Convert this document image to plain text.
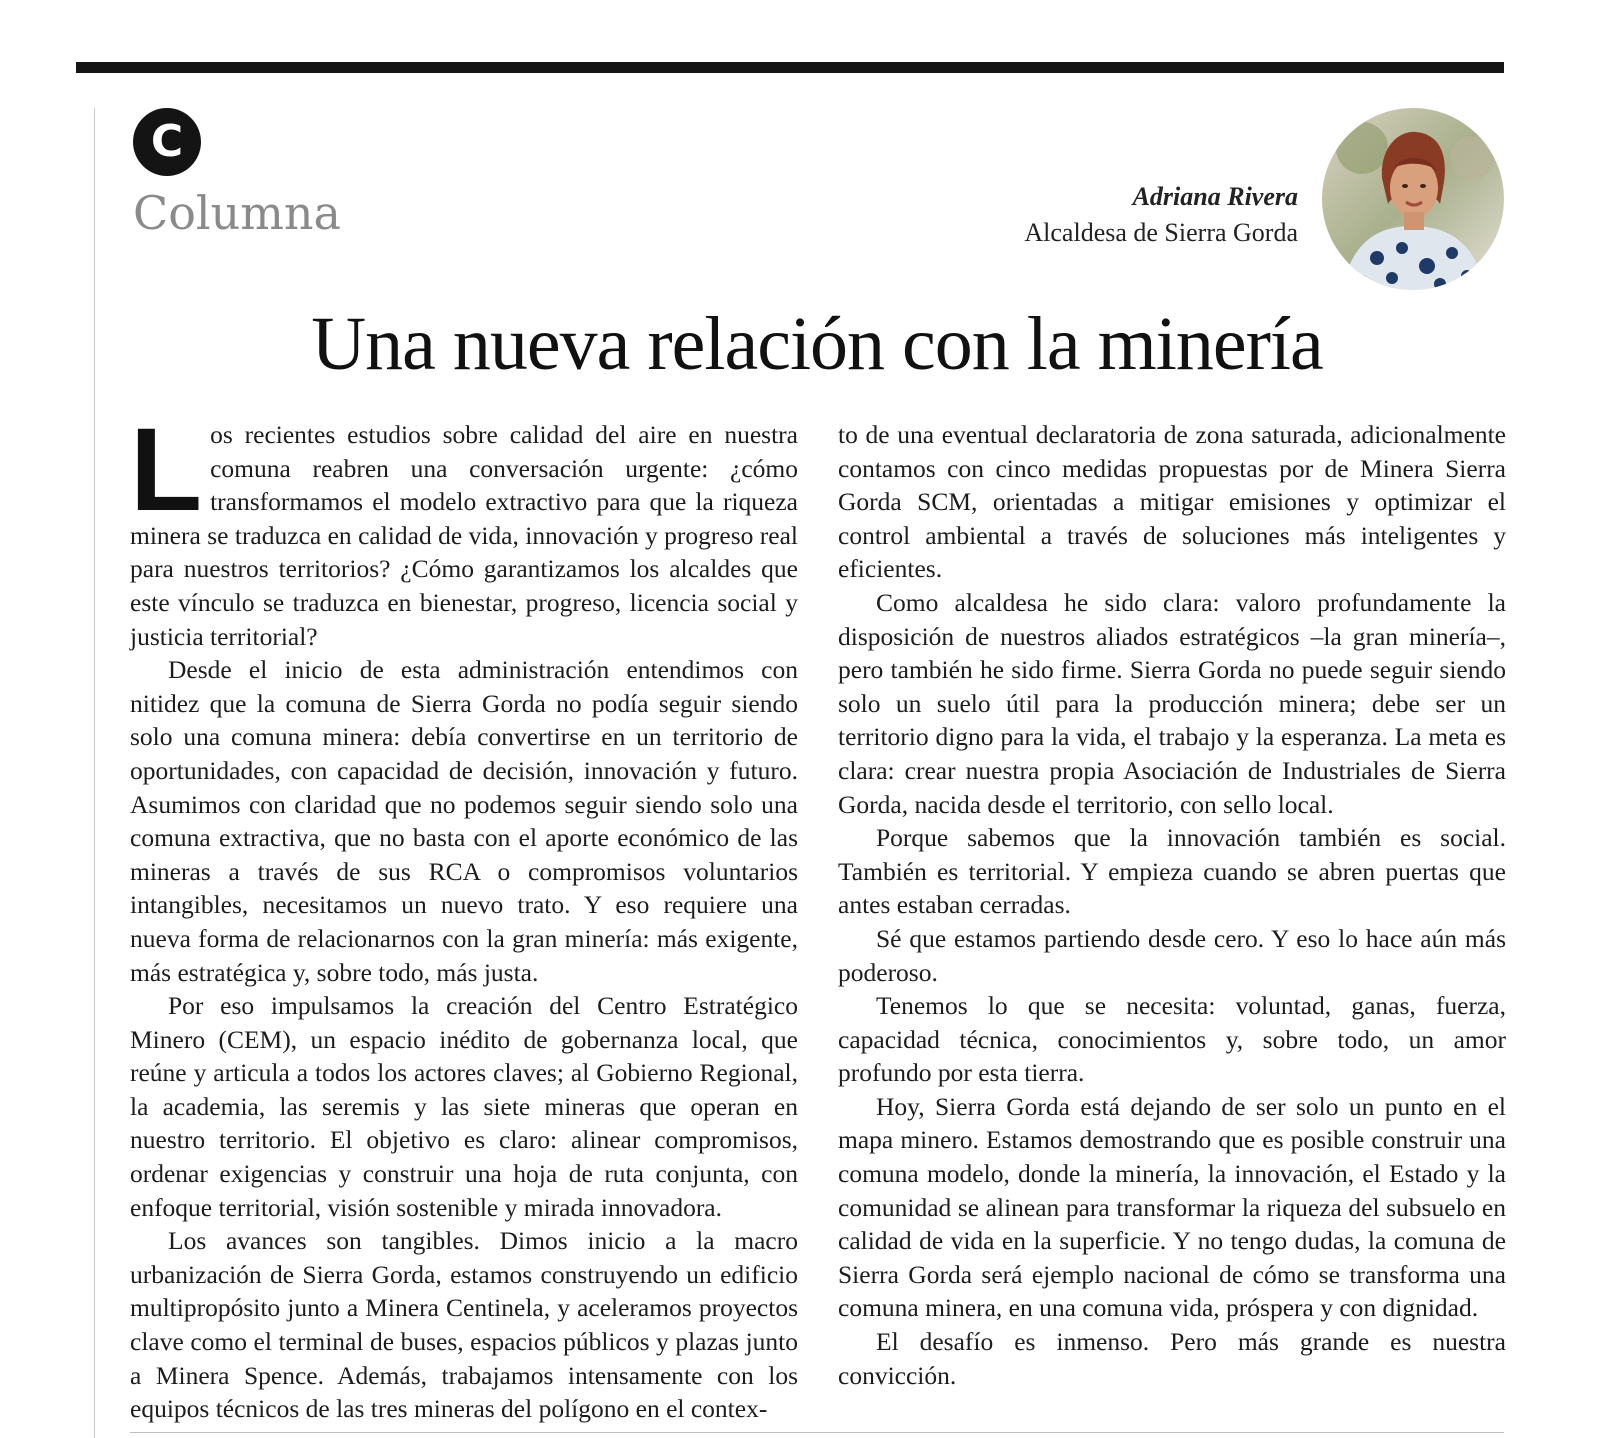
C
Columna	Adriana Rivera
Alcaldesa de Sierra Gorda
Una nueva relación con la minería

Los recientes estudios sobre calidad del aire en nuestra comuna reabren una conversación urgente: ¿cómo transformamos el modelo extractivo para que la riqueza minera se traduzca en calidad de vida, innovación y progreso real para nuestros territorios? ¿Cómo garantizamos los alcaldes que este vínculo se traduzca en bienestar, progreso, licencia social y justicia territorial?

Desde el inicio de esta administración entendimos con nitidez que la comuna de Sierra Gorda no podía seguir siendo solo una comuna minera: debía convertirse en un territorio de oportunidades, con capacidad de decisión, innovación y futuro. Asumimos con claridad que no podemos seguir siendo solo una comuna extractiva, que no basta con el aporte económico de las mineras a través de sus RCA o compromisos voluntarios intangibles, necesitamos un nuevo trato. Y eso requiere una nueva forma de relacionarnos con la gran minería: más exigente, más estratégica y, sobre todo, más justa.

Por eso impulsamos la creación del Centro Estratégico Minero (CEM), un espacio inédito de gobernanza local, que reúne y articula a todos los actores claves; al Gobierno Regional, la academia, las seremis y las siete mineras que operan en nuestro territorio. El objetivo es claro: alinear compromisos, ordenar exigencias y construir una hoja de ruta conjunta, con enfoque territorial, visión sostenible y mirada innovadora.

Los avances son tangibles. Dimos inicio a la macro urbanización de Sierra Gorda, estamos construyendo un edificio multipropósito junto a Minera Centinela, y aceleramos proyectos clave como el terminal de buses, espacios públicos y plazas junto a Minera Spence. Además, trabajamos intensamente con los equipos técnicos de las tres mineras del polígono en el contex-

to de una eventual declaratoria de zona saturada, adicionalmente contamos con cinco medidas propuestas por de Minera Sierra Gorda SCM, orientadas a mitigar emisiones y optimizar el control ambiental a través de soluciones más inteligentes y eficientes.

Como alcaldesa he sido clara: valoro profundamente la disposición de nuestros aliados estratégicos –la gran minería–, pero también he sido firme. Sierra Gorda no puede seguir siendo solo un suelo útil para la producción minera; debe ser un territorio digno para la vida, el trabajo y la esperanza. La meta es clara: crear nuestra propia Asociación de Industriales de Sierra Gorda, nacida desde el territorio, con sello local.

Porque sabemos que la innovación también es social. También es territorial. Y empieza cuando se abren puertas que antes estaban cerradas.

Sé que estamos partiendo desde cero. Y eso lo hace aún más poderoso.

Tenemos lo que se necesita: voluntad, ganas, fuerza, capacidad técnica, conocimientos y, sobre todo, un amor profundo por esta tierra.

Hoy, Sierra Gorda está dejando de ser solo un punto en el mapa minero. Estamos demostrando que es posible construir una comuna modelo, donde la minería, la innovación, el Estado y la comunidad se alinean para transformar la riqueza del subsuelo en calidad de vida en la superficie. Y no tengo dudas, la comuna de Sierra Gorda será ejemplo nacional de cómo se transforma una comuna minera, en una comuna vida, próspera y con dignidad.

El desafío es inmenso. Pero más grande es nuestra convicción.
